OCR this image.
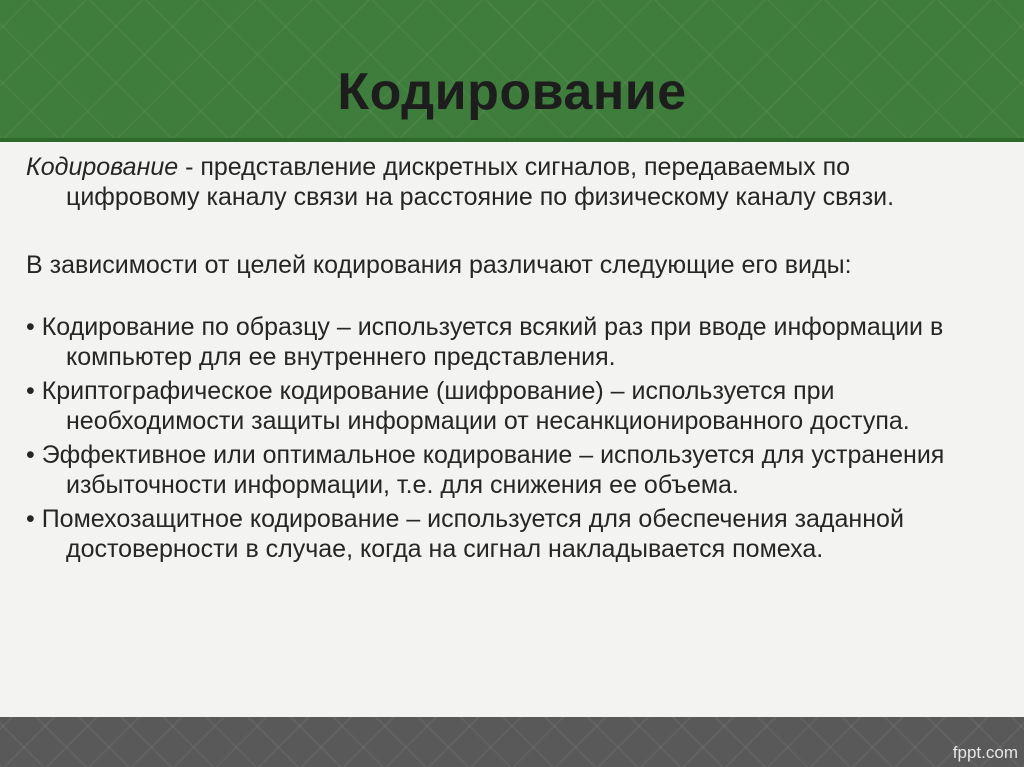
Кодирование

Кодирование - представление дискретных сигналов, передаваемых по цифровому каналу связи на расстояние по физическому каналу связи.

В зависимости от целей кодирования различают следующие его виды:

• Кодирование по образцу – используется всякий раз при вводе информации в компьютер для ее внутреннего представления.

• Криптографическое кодирование (шифрование) – используется при необходимости защиты информации от несанкционированного доступа.

• Эффективное или оптимальное кодирование – используется для устранения избыточности информации, т.е. для снижения ее объема.

• Помехозащитное кодирование – используется для обеспечения заданной достоверности в случае, когда на сигнал накладывается помеха.

fppt.com
